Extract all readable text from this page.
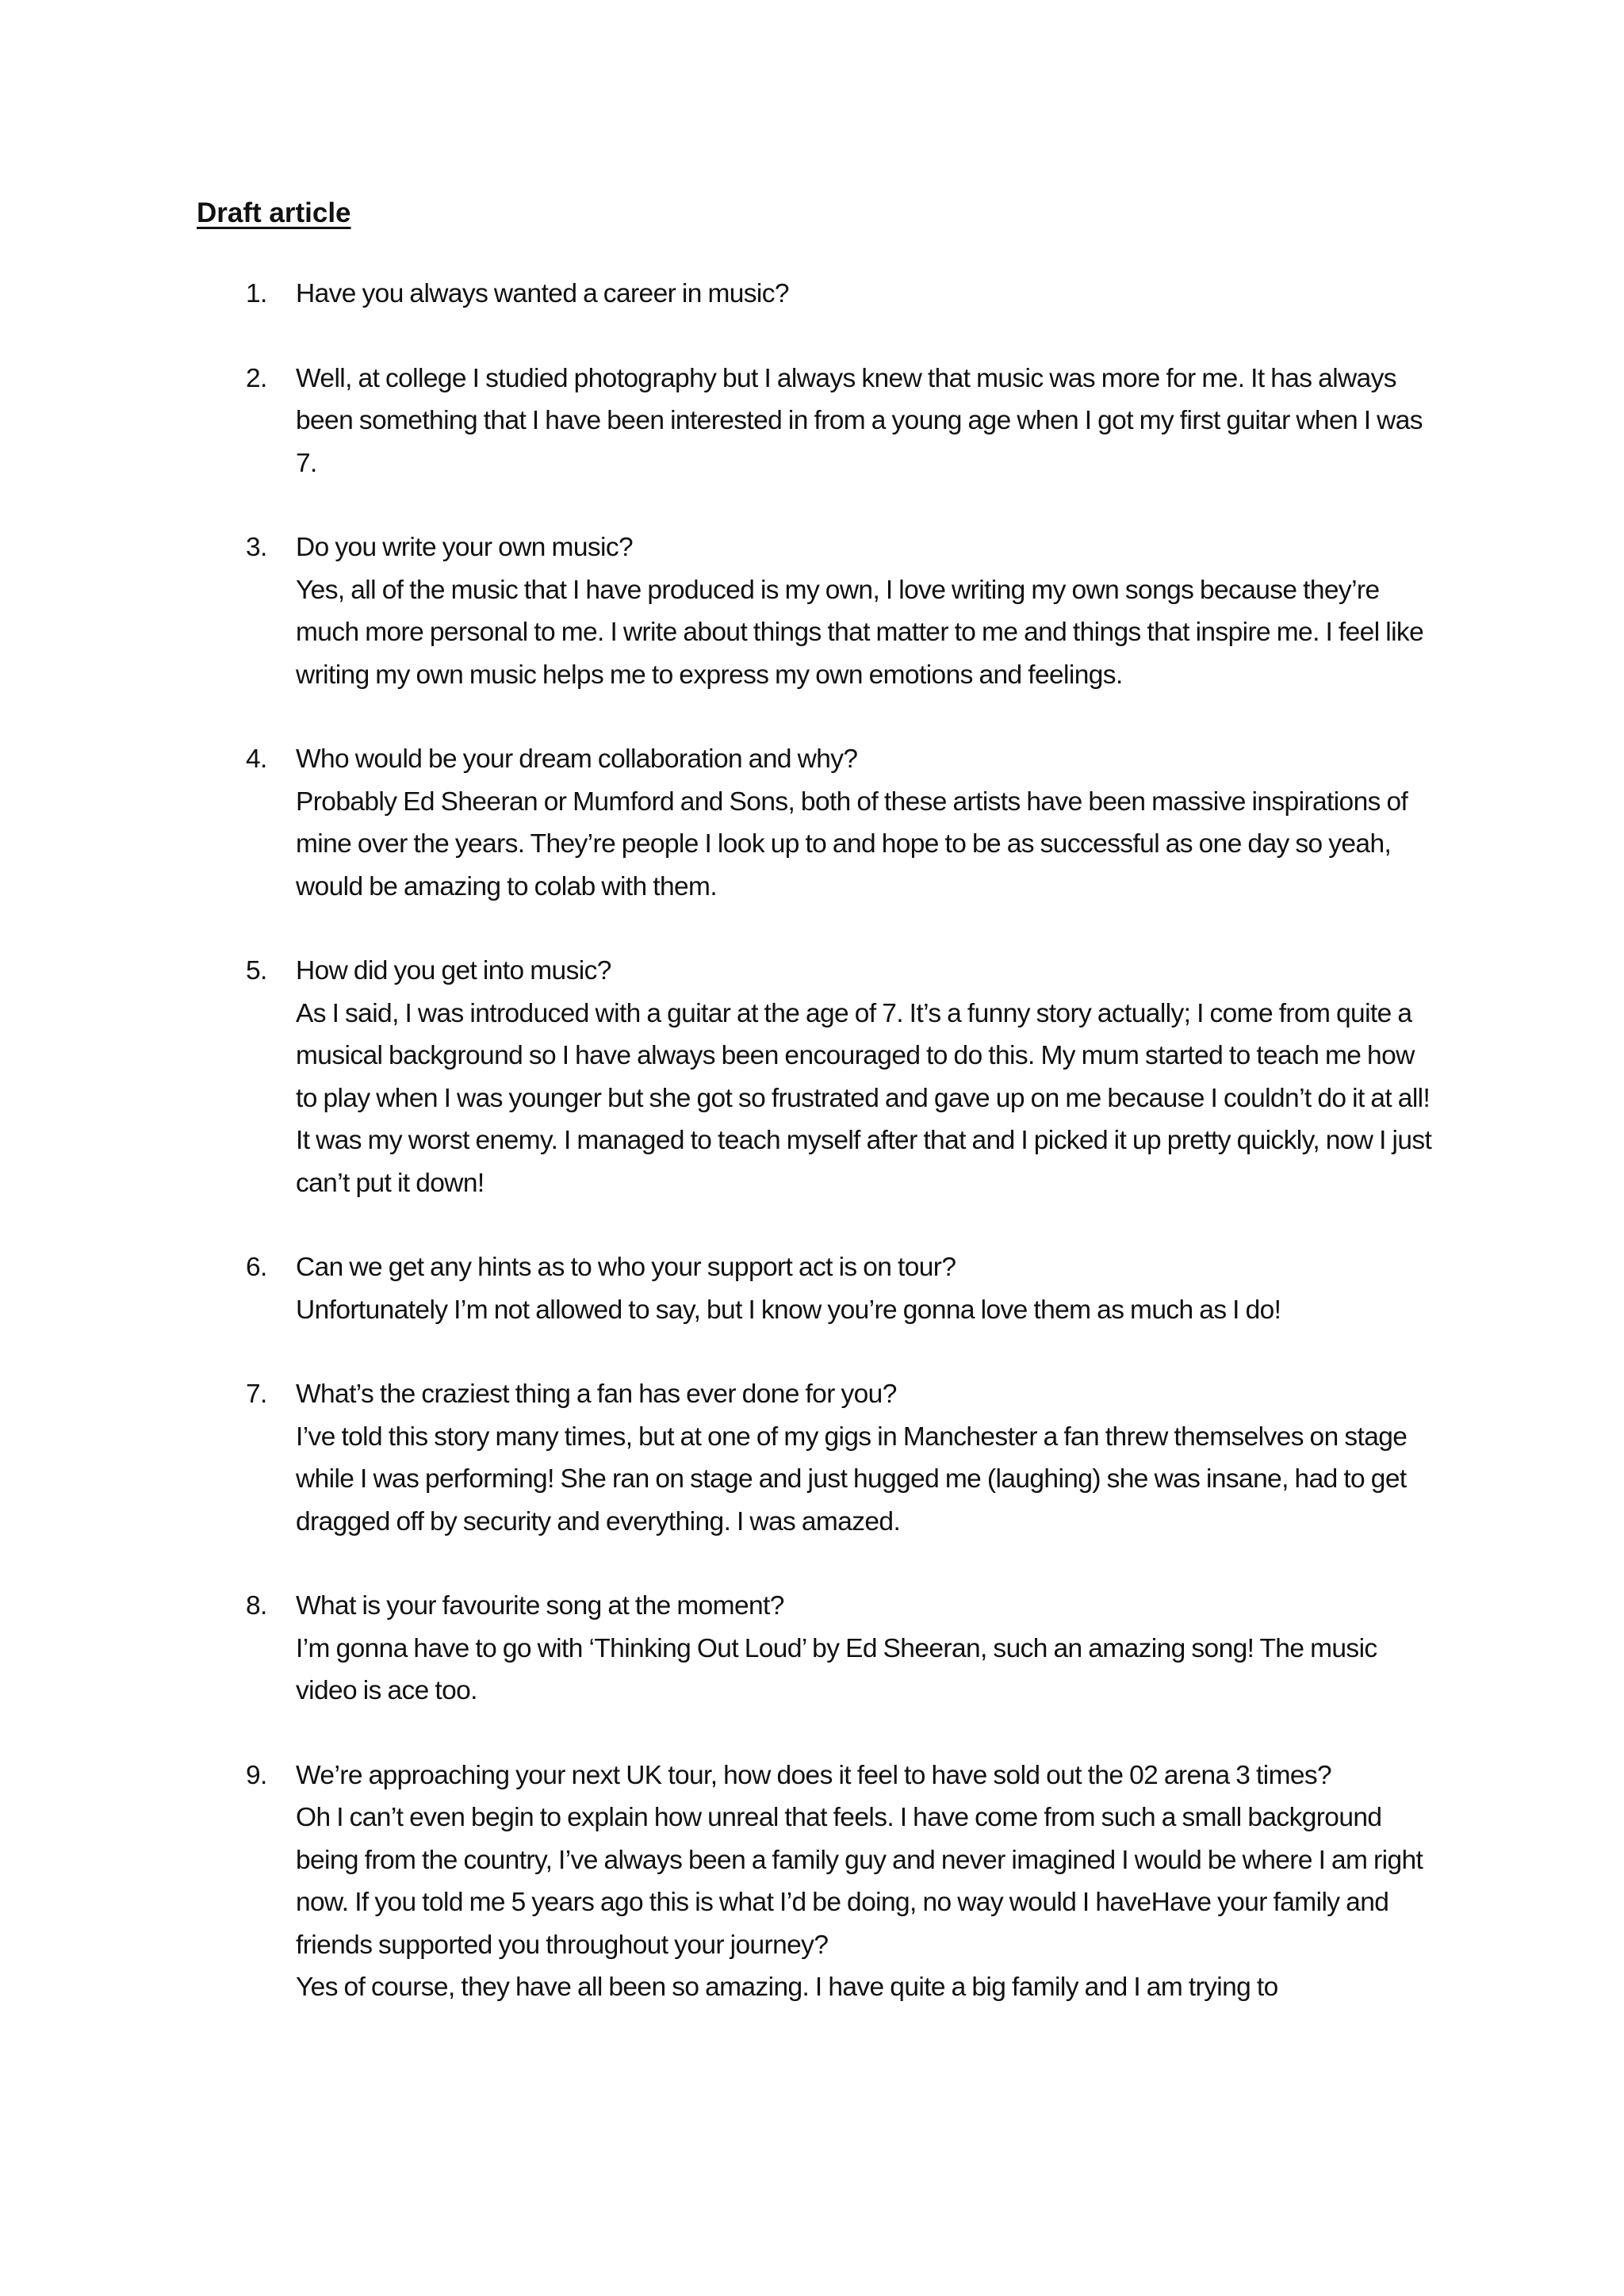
Draft article
1. Have you always wanted a career in music?

2. Well, at college I studied photography but I always knew that music was more for me. It has always been something that I have been interested in from a young age when I got my first guitar when I was 7.

3. Do you write your own music?

Yes, all of the music that I have produced is my own, I love writing my own songs because they’re much more personal to me. I write about things that matter to me and things that inspire me. I feel like writing my own music helps me to express my own emotions and feelings.

4. Who would be your dream collaboration and why?

Probably Ed Sheeran or Mumford and Sons, both of these artists have been massive inspirations of mine over the years. They’re people I look up to and hope to be as successful as one day so yeah, would be amazing to colab with them.

5. How did you get into music?

As I said, I was introduced with a guitar at the age of 7. It’s a funny story actually; I come from quite a musical background so I have always been encouraged to do this. My mum started to teach me how to play when I was younger but she got so frustrated and gave up on me because I couldn’t do it at all! It was my worst enemy. I managed to teach myself after that and I picked it up pretty quickly, now I just can’t put it down!

6. Can we get any hints as to who your support act is on tour?

Unfortunately I’m not allowed to say, but I know you’re gonna love them as much as I do!

7. What’s the craziest thing a fan has ever done for you?

I’ve told this story many times, but at one of my gigs in Manchester a fan threw themselves on stage while I was performing! She ran on stage and just hugged me (laughing) she was insane, had to get dragged off by security and everything. I was amazed.

8. What is your favourite song at the moment?

I’m gonna have to go with ‘Thinking Out Loud’ by Ed Sheeran, such an amazing song! The music video is ace too.

9. We’re approaching your next UK tour, how does it feel to have sold out the 02 arena 3 times?

Oh I can’t even begin to explain how unreal that feels. I have come from such a small background being from the country, I’ve always been a family guy and never imagined I would be where I am right now. If you told me 5 years ago this is what I’d be doing, no way would I haveHave your family and friends supported you throughout your journey?

Yes of course, they have all been so amazing. I have quite a big family and I am trying to
